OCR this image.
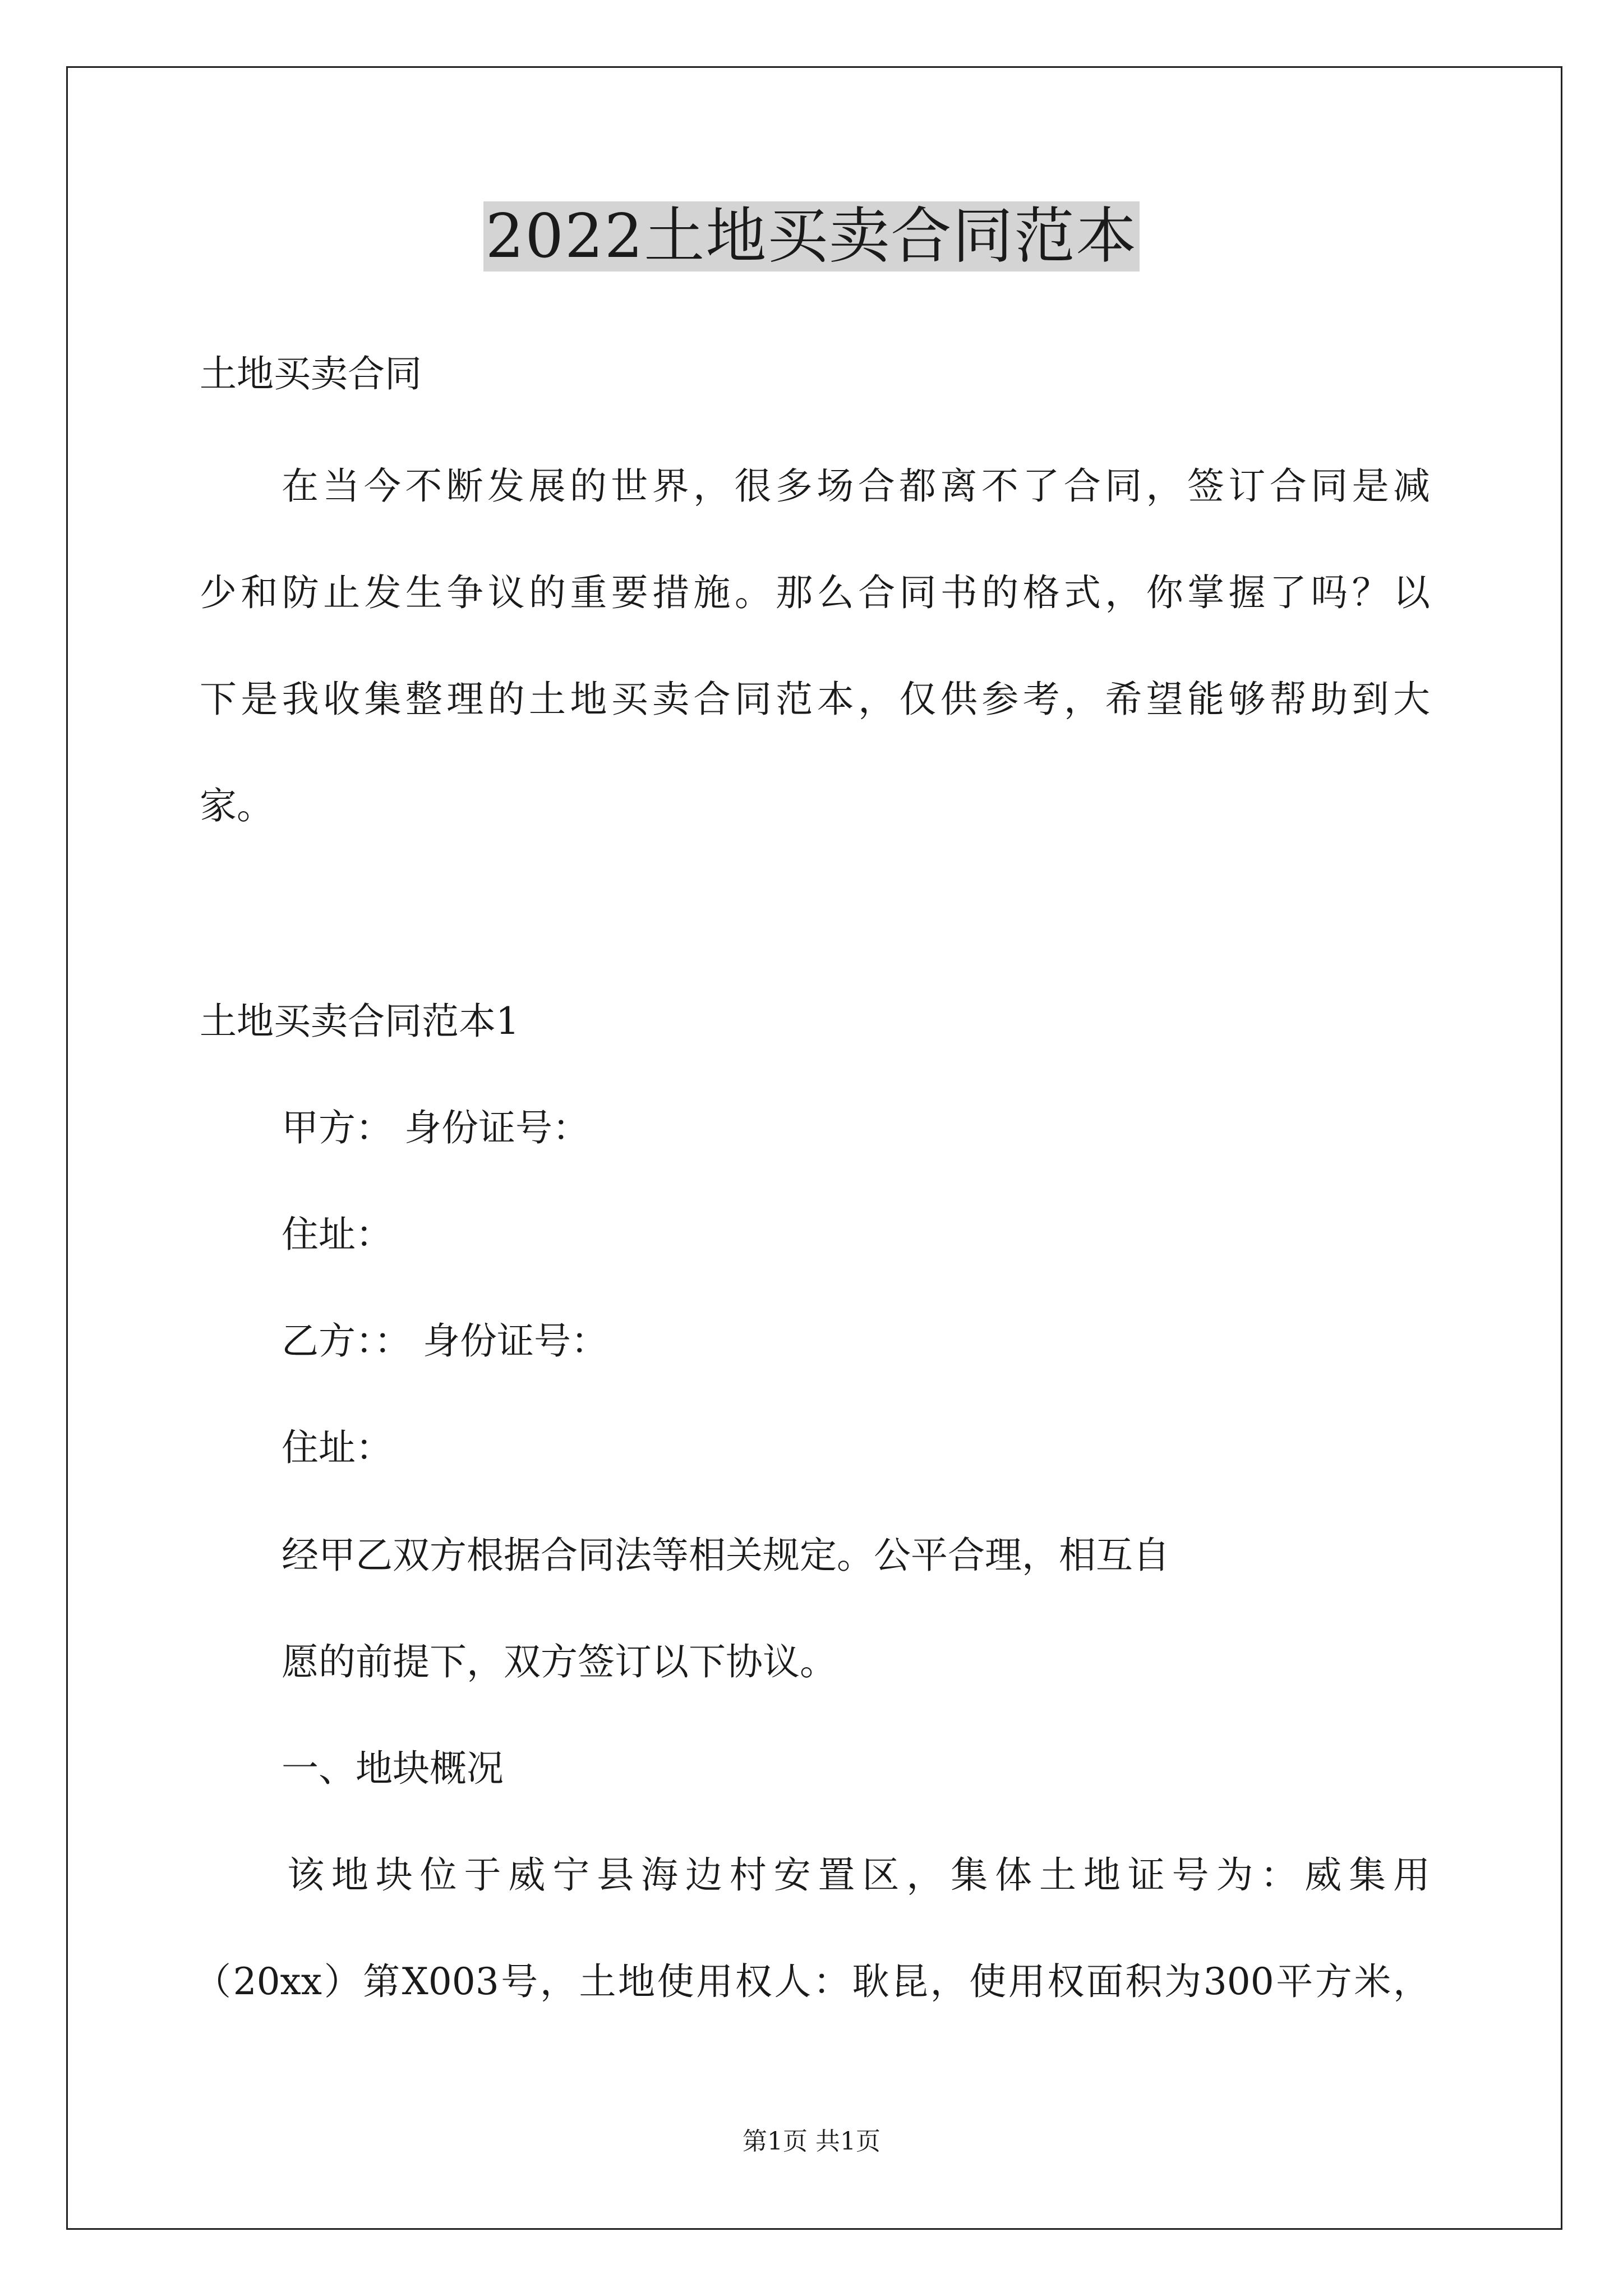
2022土地买卖合同范本
土地买卖合同
在当今不断发展的世界，很多场合都离不了合同，签订合同是减
少和防止发生争议的重要措施。那么合同书的格式，你掌握了吗？以
下是我收集整理的土地买卖合同范本，仅供参考，希望能够帮助到大
家。
土地买卖合同范本1
甲方： 身份证号：
住址：
乙方：： 身份证号：
住址：
经甲乙双方根据合同法等相关规定。公平合理，相互自
愿的前提下，双方签订以下协议。
一、地块概况
该地块位于威宁县海边村安置区，集体土地证号为：威集用
（20xx）第X003号，土地使用权人：耿昆，使用权面积为300平方米，
第1页 共1页
